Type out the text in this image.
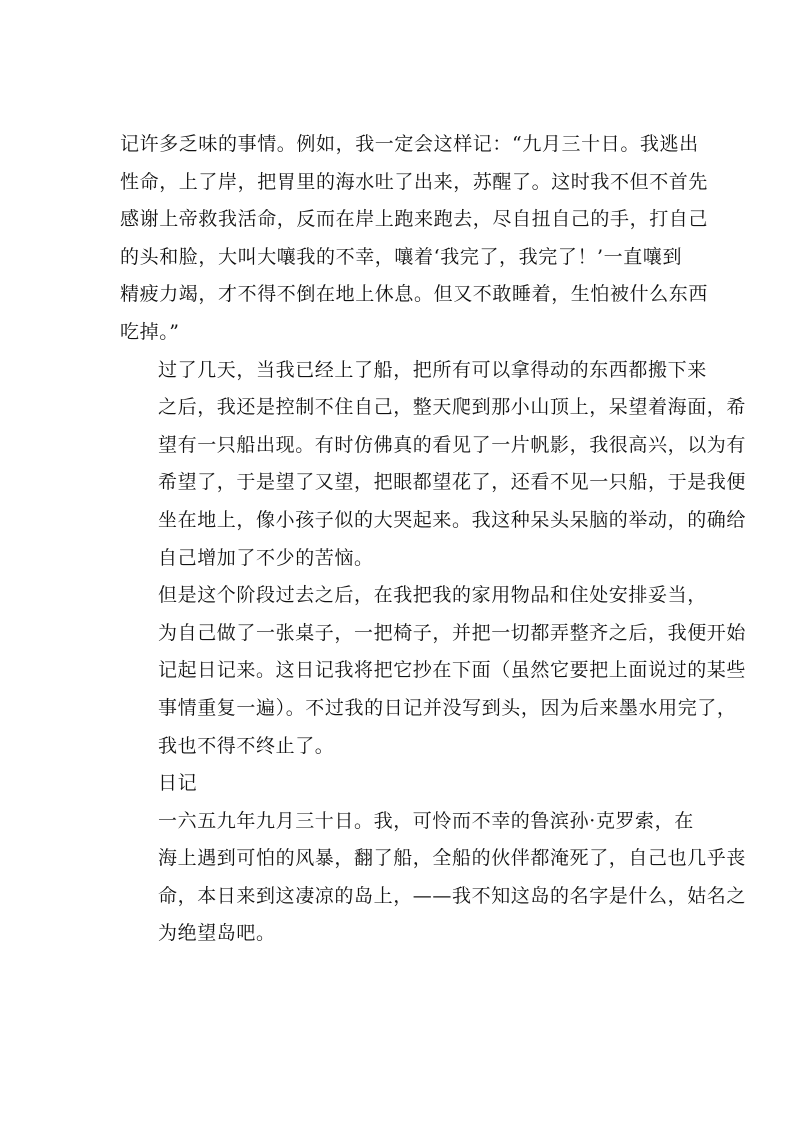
记许多乏味的事情。例如，我一定会这样记：“九月三十日。我逃出
性命，上了岸，把胃里的海水吐了出来，苏醒了。这时我不但不首先
感谢上帝救我活命，反而在岸上跑来跑去，尽自扭自己的手，打自己
的头和脸，大叫大嚷我的不幸，嚷着‘我完了，我完了！’一直嚷到
精疲力竭，才不得不倒在地上休息。但又不敢睡着，生怕被什么东西
吃掉。”

过了几天，当我已经上了船，把所有可以拿得动的东西都搬下来
之后，我还是控制不住自己，整天爬到那小山顶上，呆望着海面，希
望有一只船出现。有时仿佛真的看见了一片帆影，我很高兴，以为有
希望了，于是望了又望，把眼都望花了，还看不见一只船，于是我便
坐在地上，像小孩子似的大哭起来。我这种呆头呆脑的举动，的确给
自己增加了不少的苦恼。

但是这个阶段过去之后，在我把我的家用物品和住处安排妥当，
为自己做了一张桌子，一把椅子，并把一切都弄整齐之后，我便开始
记起日记来。这日记我将把它抄在下面（虽然它要把上面说过的某些
事情重复一遍）。不过我的日记并没写到头，因为后来墨水用完了，
我也不得不终止了。

日记

一六五九年九月三十日。我，可怜而不幸的鲁滨孙·克罗索，在
海上遇到可怕的风暴，翻了船，全船的伙伴都淹死了，自己也几乎丧
命，本日来到这凄凉的岛上，——我不知这岛的名字是什么，姑名之
为绝望岛吧。
